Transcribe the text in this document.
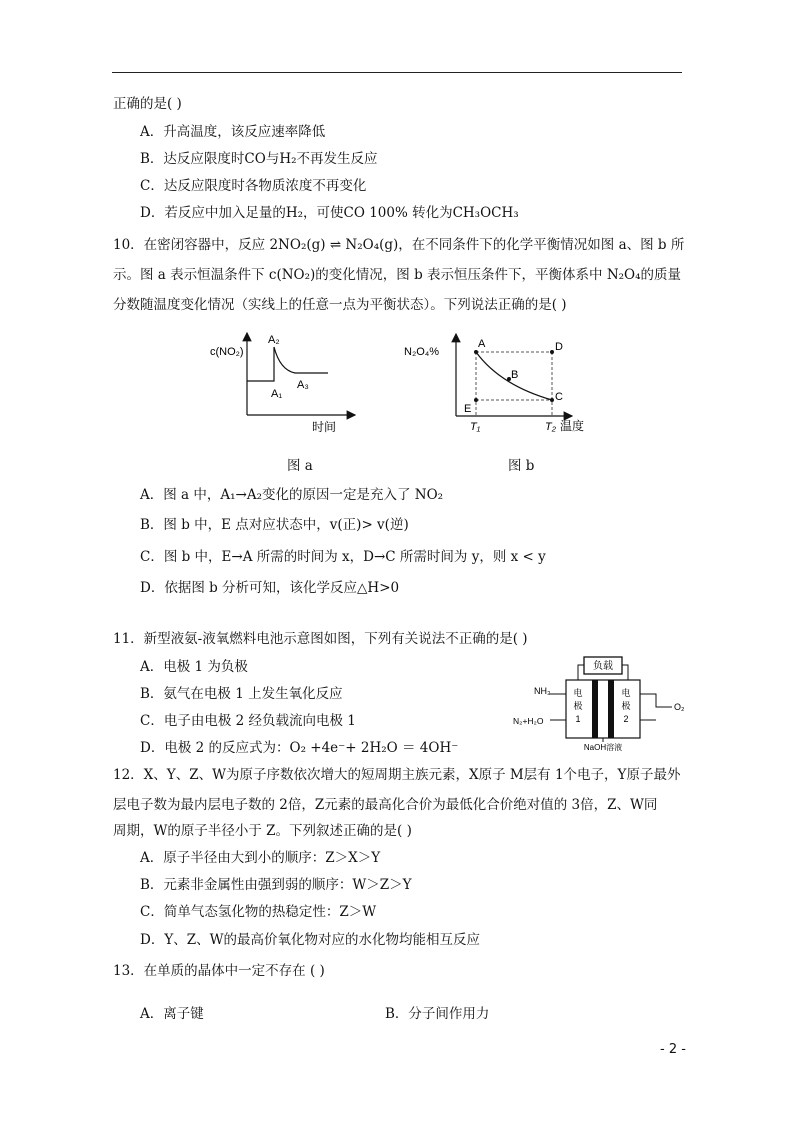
正确的是( )
A．升高温度，该反应速率降低
B．达反应限度时CO与H₂不再发生反应
C．达反应限度时各物质浓度不再变化
D．若反应中加入足量的H₂，可使CO 100% 转化为CH₃OCH₃
10．在密闭容器中，反应 2NO₂(g) ⇌ N₂O₄(g)，在不同条件下的化学平衡情况如图 a、图 b 所
示。图 a 表示恒温条件下 c(NO₂)的变化情况，图 b 表示恒压条件下，平衡体系中 N₂O₄的质量
分数随温度变化情况（实线上的任意一点为平衡状态）。下列说法正确的是( )
c(NO₂)
A₂
A₁
A₃
时间
N₂O₄%
A
B
C
D
E
T₁	T₂ 温度
图 a	图 b
A．图 a 中，A₁→A₂变化的原因一定是充入了 NO₂
B．图 b 中，E 点对应状态中，v(正)> v(逆)
C．图 b 中，E→A 所需的时间为 x，D→C 所需时间为 y，则 x < y
D．依据图 b 分析可知，该化学反应△H>0
11．新型液氨-液氧燃料电池示意图如图，下列有关说法不正确的是( )
A．电极 1 为负极
B．氨气在电极 1 上发生氧化反应
C．电子由电极 2 经负载流向电极 1
D．电极 2 的反应式为：O₂ +4e⁻+ 2H₂O ＝ 4OH⁻
负载
电
极
1
电
极
2
NH₃
N₂+H₂O
O₂
NaOH溶液
12．X、Y、Z、W为原子序数依次增大的短周期主族元素，X原子 M层有 1个电子，Y原子最外
层电子数为最内层电子数的 2倍，Z元素的最高化合价为最低化合价绝对值的 3倍，Z、W同
周期，W的原子半径小于 Z。下列叙述正确的是( )
A．原子半径由大到小的顺序：Z＞X＞Y
B．元素非金属性由强到弱的顺序：W＞Z＞Y
C．简单气态氢化物的热稳定性：Z＞W
D．Y、Z、W的最高价氧化物对应的水化物均能相互反应
13．在单质的晶体中一定不存在 ( )
A．离子键	B．分子间作用力
- 2 -
